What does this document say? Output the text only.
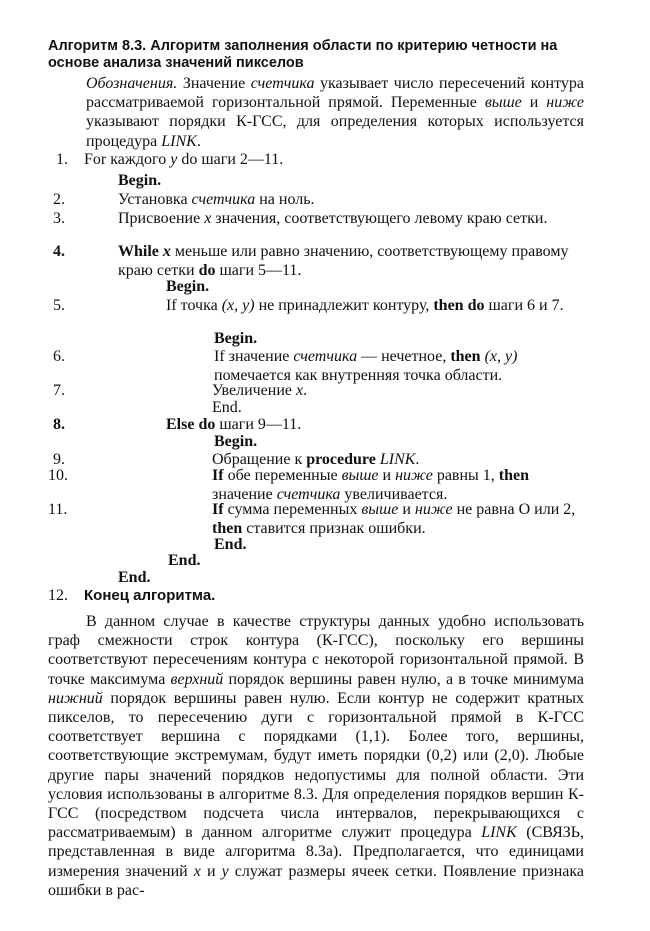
Алгоритм 8.3. Алгоритм заполнения области по критерию четности на основе анализа значений пикселов
Обозначения. Значение счетчика указывает число пересечений контура рассматриваемой горизонтальной прямой. Переменные выше и ниже указывают порядки К-ГСС, для определения которых используется процедура LINK.
1. For каждого y do шаги 2—11.
Begin.
2.	Установка счетчика на ноль.
3.	Присвоение x значения, соответствующего левому краю сетки.
4.	While x меньше или равно значению, соответствующему правому краю сетки do шаги 5—11.
Begin.
5.	If точка (x, y) не принадлежит контуру, then do шаги 6 и 7.
Begin.
6.	If значение счетчика — нечетное, then (x, y) помечается как внутренняя точка области.
7.	Увеличение x.
End.
8.	Else do шаги 9—11.
Begin.
9.	Обращение к procedure LINK.
10.	If обе переменные выше и ниже равны 1, then значение счетчика увеличивается.
11.	If сумма переменных выше и ниже не равна О или 2, then ставится признак ошибки.
End.
End.
End.
12. Конец алгоритма.

В данном случае в качестве структуры данных удобно использовать граф смежности строк контура (К-ГСС), поскольку его вершины соответствуют пересечениям контура с некоторой горизонтальной прямой. В точке максимума верхний порядок вершины равен нулю, а в точке минимума нижний порядок вершины равен нулю. Если контур не содержит кратных пикселов, то пересечению дуги с горизонтальной прямой в К-ГСС соответствует вершина с порядками (1,1). Более того, вершины, соответствующие экстремумам, будут иметь порядки (0,2) или (2,0). Любые другие пары значений порядков недопустимы для полной области. Эти условия использованы в алгоритме 8.3. Для определения порядков вершин К-ГСС (посредством подсчета числа интервалов, перекрывающихся с рассматриваемым) в данном алгоритме служит процедура LINK (СВЯЗЬ, представленная в виде алгоритма 8.3а). Предполагается, что единицами измерения значений x и y служат размеры ячеек сетки. Появление признака ошибки в рас-
